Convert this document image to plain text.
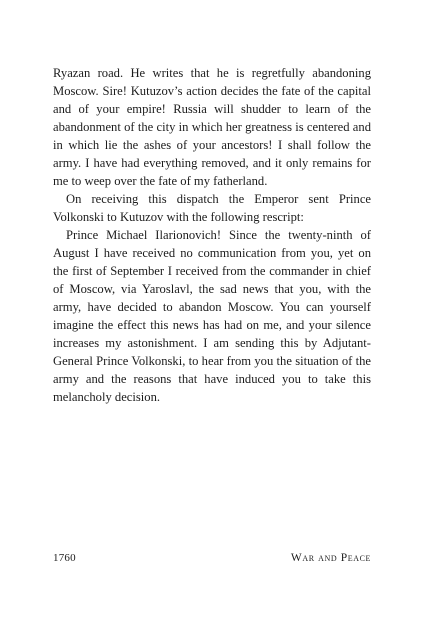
Ryazan road. He writes that he is regretfully abandoning Moscow. Sire! Kutuzov’s action decides the fate of the capital and of your empire! Russia will shudder to learn of the abandonment of the city in which her greatness is centered and in which lie the ashes of your ancestors! I shall follow the army. I have had everything removed, and it only remains for me to weep over the fate of my fatherland.

On receiving this dispatch the Emperor sent Prince Volkonski to Kutuzov with the following rescript:

Prince Michael Ilarionovich! Since the twenty-ninth of August I have received no communication from you, yet on the first of September I received from the commander in chief of Moscow, via Yaroslavl, the sad news that you, with the army, have decided to abandon Moscow. You can yourself imagine the effect this news has had on me, and your silence increases my astonishment. I am sending this by Adjutant-General Prince Volkonski, to hear from you the situation of the army and the reasons that have induced you to take this melancholy decision.

1760	War and Peace
